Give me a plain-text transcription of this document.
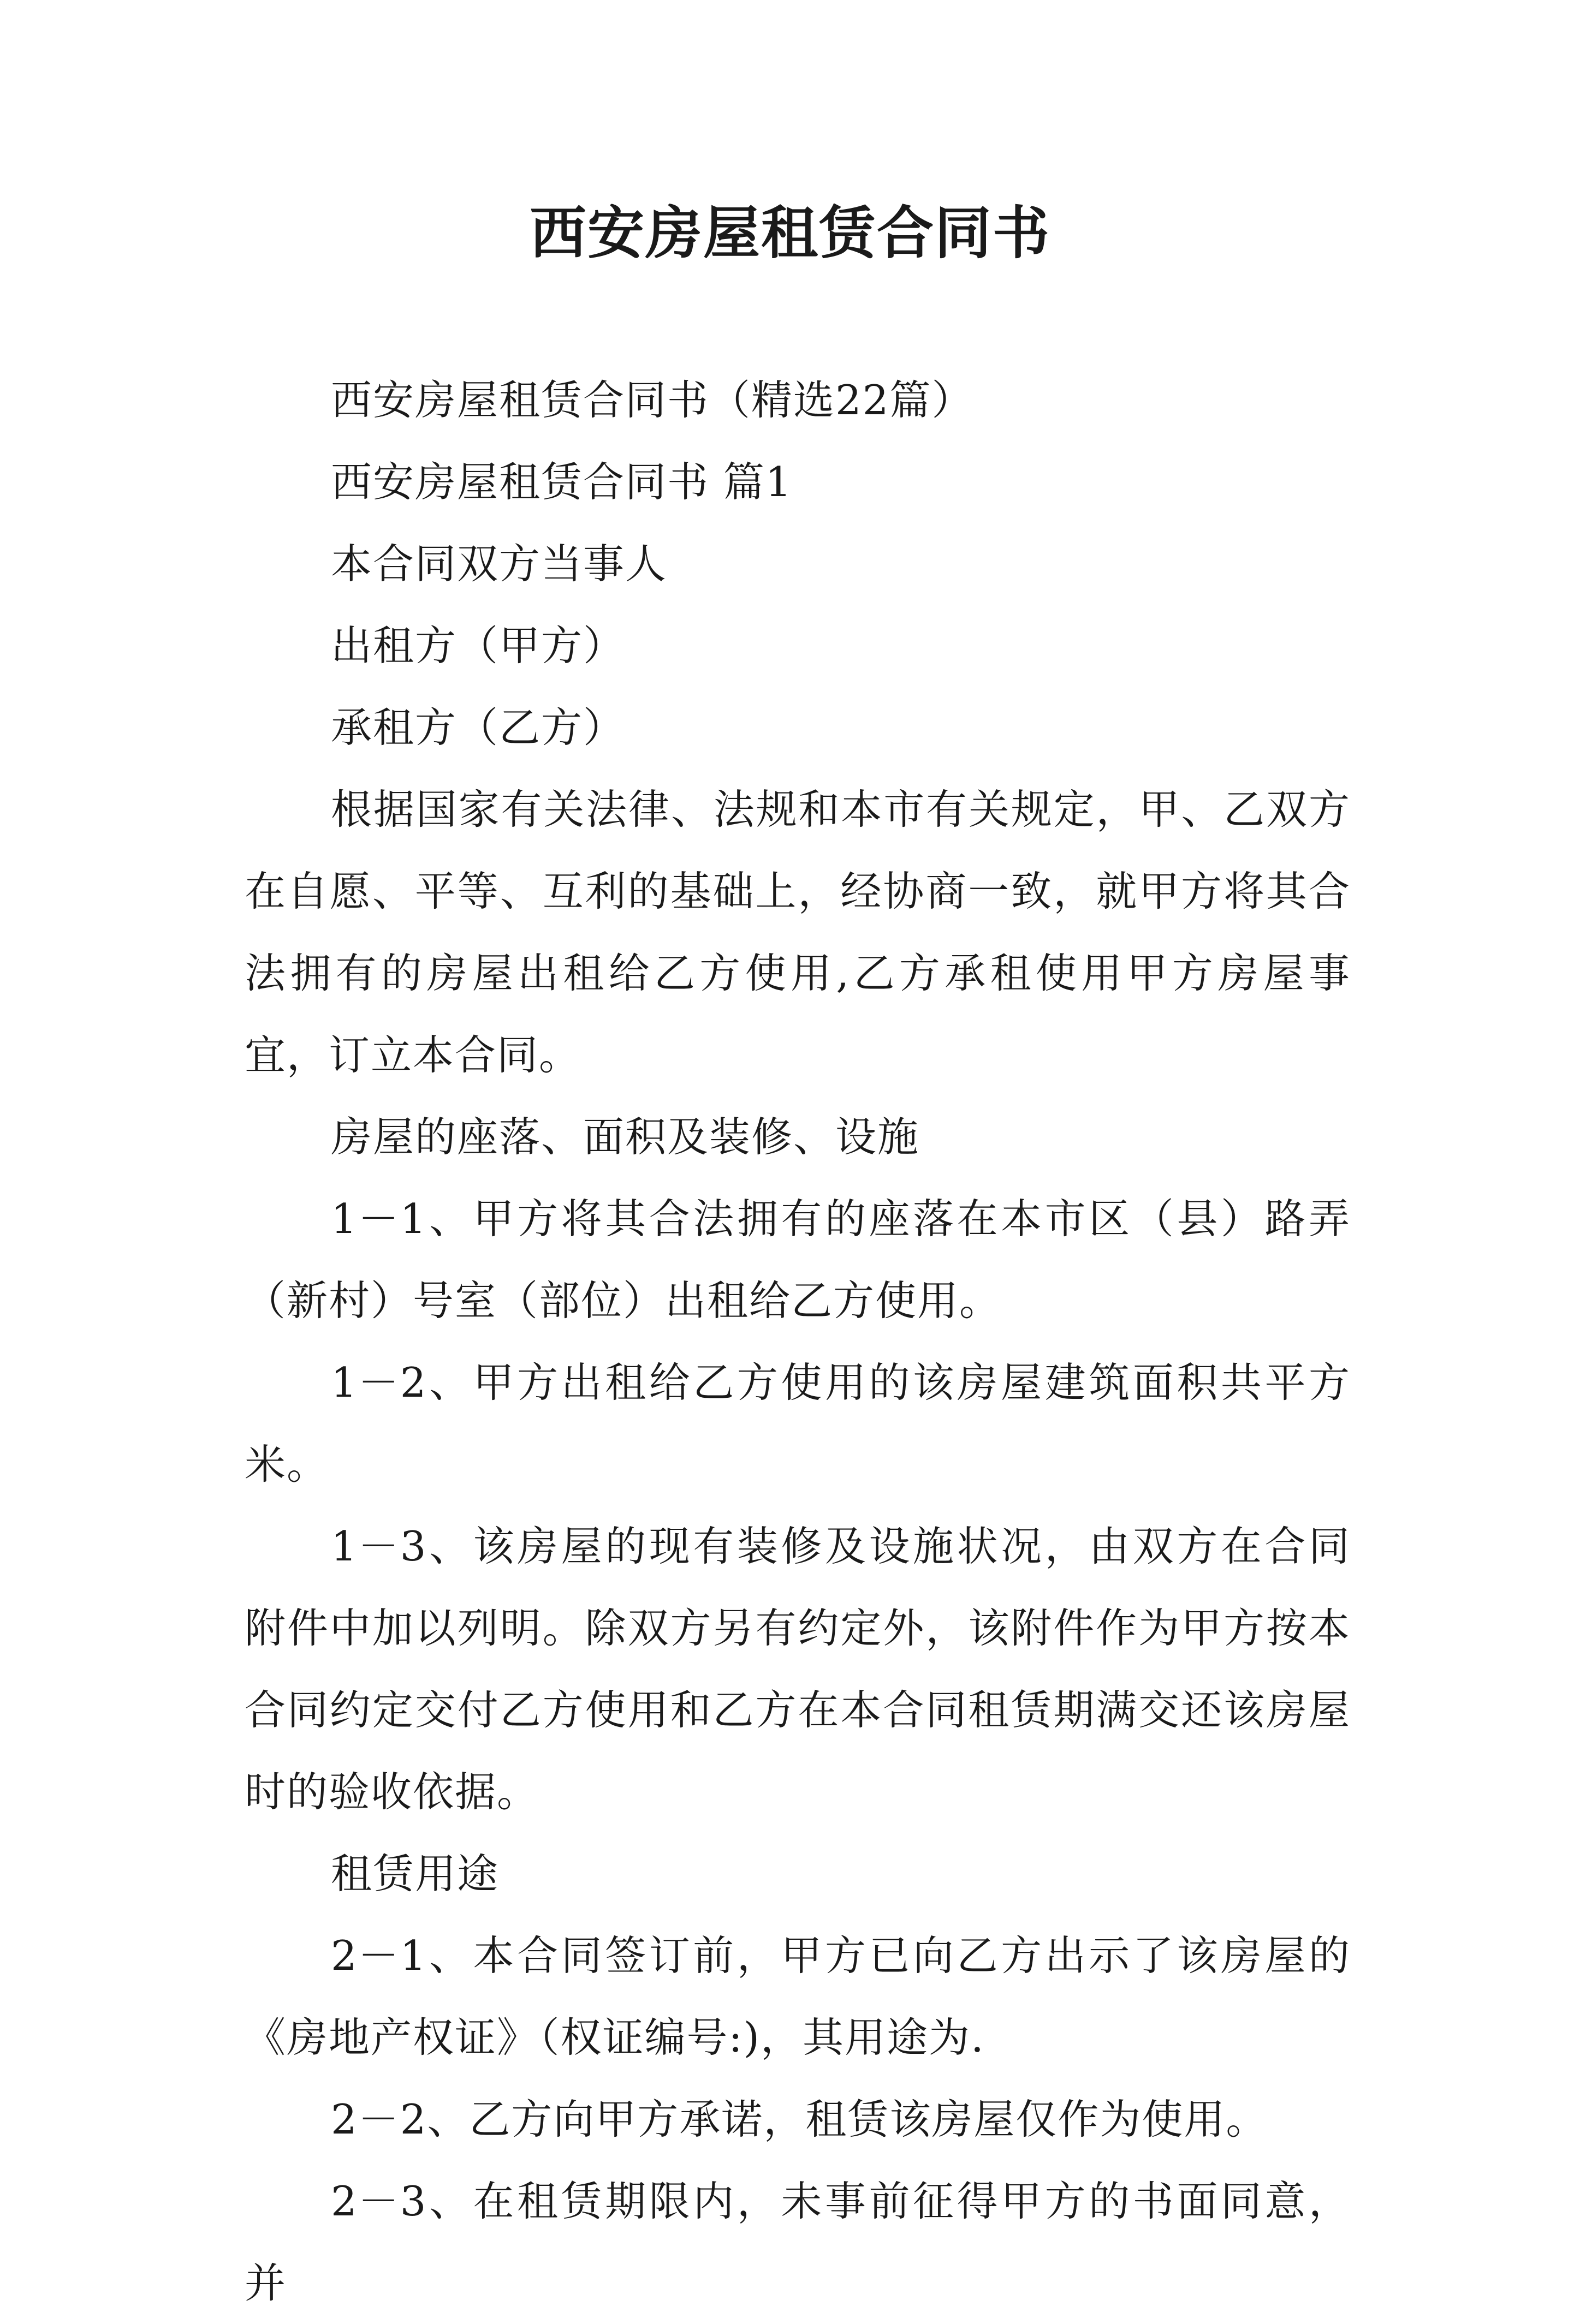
西安房屋租赁合同书

西安房屋租赁合同书（精选22篇）

西安房屋租赁合同书 篇1

本合同双方当事人

出租方（甲方）

承租方（乙方）

根据国家有关法律、法规和本市有关规定，甲、乙双方在自愿、平等、互利的基础上，经协商一致，就甲方将其合法拥有的房屋出租给乙方使用,乙方承租使用甲方房屋事宜，订立本合同。

房屋的座落、面积及装修、设施

1－1、甲方将其合法拥有的座落在本市区（县）路弄（新村）号室（部位）出租给乙方使用。

1－2、甲方出租给乙方使用的该房屋建筑面积共平方米。

1－3、该房屋的现有装修及设施状况，由双方在合同附件中加以列明。除双方另有约定外，该附件作为甲方按本合同约定交付乙方使用和乙方在本合同租赁期满交还该房屋时的验收依据。

租赁用途

2－1、本合同签订前，甲方已向乙方出示了该房屋的《房地产权证》（权证编号:)，其用途为.

2－2、乙方向甲方承诺，租赁该房屋仅作为使用。

2－3、在租赁期限内，未事前征得甲方的书面同意，并
